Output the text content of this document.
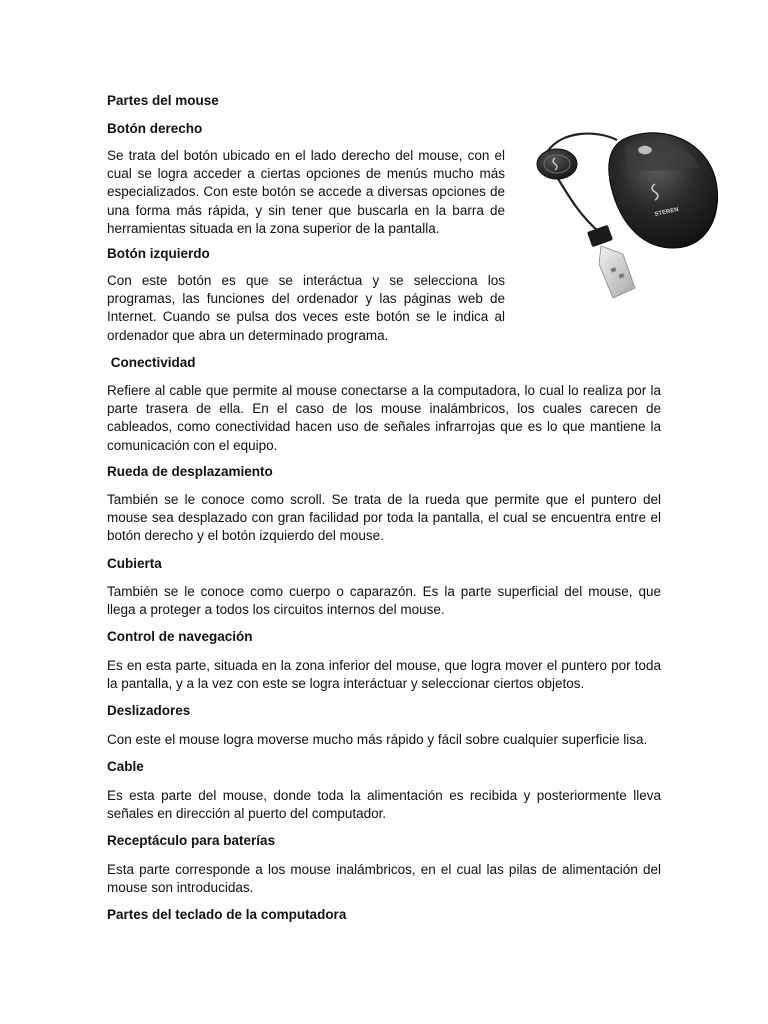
Partes del mouse

Botón derecho

Se trata del botón ubicado en el lado derecho del mouse, con el cual se logra acceder a ciertas opciones de menús mucho más especializados. Con este botón se accede a diversas opciones de una forma más rápida, y sin tener que buscarla en la barra de herramientas situada en la zona superior de la pantalla.

Botón izquierdo

Con este botón es que se interáctua y se selecciona los programas, las funciones del ordenador y las páginas web de Internet. Cuando se pulsa dos veces este botón se le indica al ordenador que abra un determinado programa.

Conectividad

Refiere al cable que permite al mouse conectarse a la computadora, lo cual lo realiza por la parte trasera de ella. En el caso de los mouse inalámbricos, los cuales carecen de cableados, como conectividad hacen uso de señales infrarrojas que es lo que mantiene la comunicación con el equipo.

Rueda de desplazamiento

También se le conoce como scroll. Se trata de la rueda que permite que el puntero del mouse sea desplazado con gran facilidad por toda la pantalla, el cual se encuentra entre el botón derecho y el botón izquierdo del mouse.

Cubierta

También se le conoce como cuerpo o caparazón. Es la parte superficial del mouse, que llega a proteger a todos los circuitos internos del mouse.

Control de navegación

Es en esta parte, situada en la zona inferior del mouse, que logra mover el puntero por toda la pantalla, y a la vez con este se logra interáctuar y seleccionar ciertos objetos.

Deslizadores

Con este el mouse logra moverse mucho más rápido y fácil sobre cualquier superficie lisa.

Cable

Es esta parte del mouse, donde toda la alimentación es recibida y posteriormente lleva señales en dirección al puerto del computador.

Receptáculo para baterías

Esta parte corresponde a los mouse inalámbricos, en el cual las pilas de alimentación del mouse son introducidas.

Partes del teclado de la computadora

STEREN
